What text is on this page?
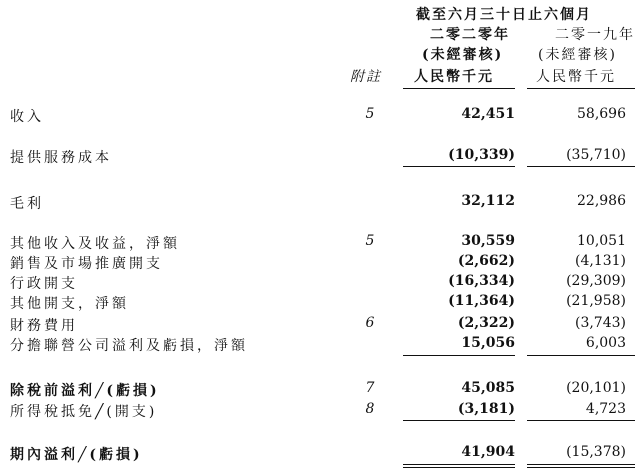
截至六月三十日止六個月
二零二零年	二零一九年
(未經審核) (未經審核)
附註 人民幣千元	人民幣千元
收入	5	42,451	58,696
提供服務成本	(10,339)	(35,710)
毛利	32,112	22,986
其他收入及收益，淨額	5	30,559	10,051
銷售及市場推廣開支	(2,662)	(4,131)
行政開支	(16,334)	(29,309)
其他開支，淨額	(11,364)	(21,958)
財務費用	6	(2,322)	(3,743)
分擔聯營公司溢利及虧損，淨額	15,056	6,003
除稅前溢利╱(虧損)	7	45,085	(20,101)
所得稅抵免╱(開支)	8	(3,181)	4,723
期內溢利╱(虧損)	41,904	(15,378)
